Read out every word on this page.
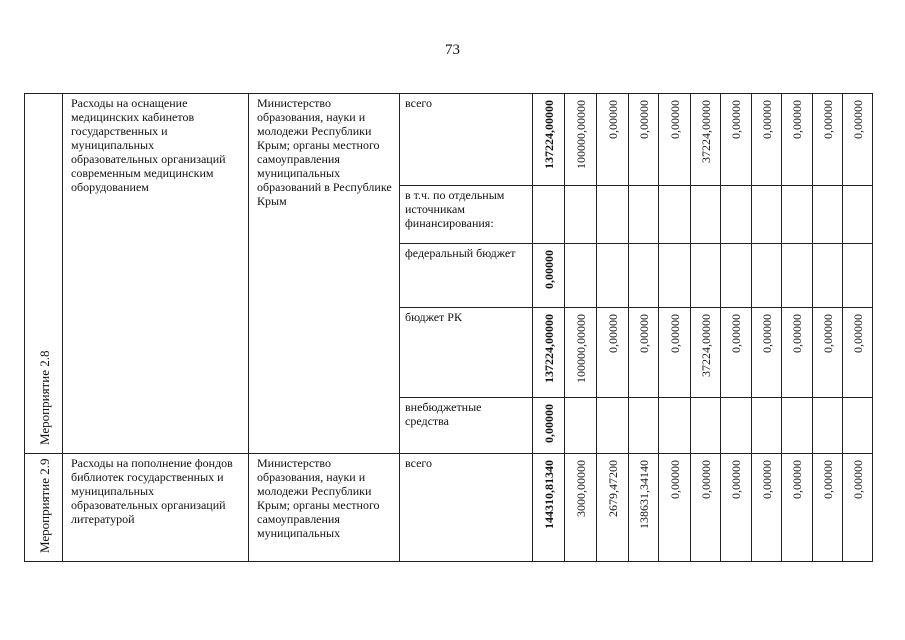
73
Мероприятие 2.8	Расходы на оснащение медицинских кабинетов государственных и муниципальных образовательных организаций современным медицинским оборудованием	Министерство образования, науки и молодежи Республики Крым; органы местного самоуправления муниципальных образований в Республике Крым	всего	137224,00000	100000,00000	0,00000	0,00000	0,00000	37224,00000	0,00000	0,00000	0,00000	0,00000	0,00000

			в т.ч. по отдельным источникам финансирования:	

			федеральный бюджет	0,00000										

			бюджет РК	137224,00000	100000,00000	0,00000	0,00000	0,00000	37224,00000	0,00000	0,00000	0,00000	0,00000	0,00000

			внебюджетные средства	0,00000										

Мероприятие 2.9	Расходы на пополнение фондов библиотек государственных и муниципальных образовательных организаций литературой	Министерство образования, науки и молодежи Республики Крым; органы местного самоуправления муниципальных	всего	144310,81340	3000,00000	2679,47200	138631,34140	0,00000	0,00000	0,00000	0,00000	0,00000	0,00000	0,00000
